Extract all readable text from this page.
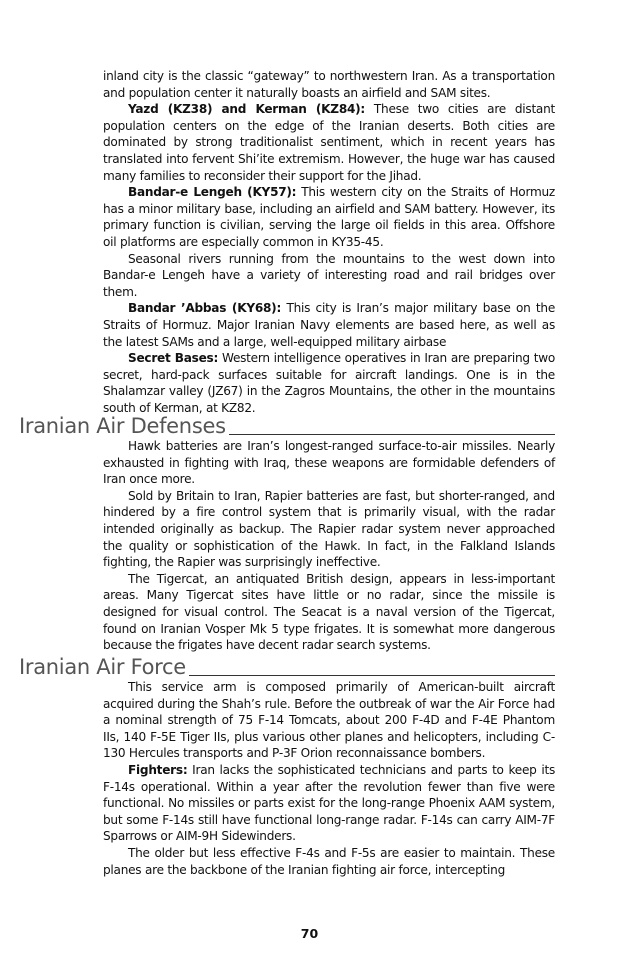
inland city is the classic “gateway” to northwestern Iran. As a transportation and population center it naturally boasts an airfield and SAM sites.

Yazd (KZ38) and Kerman (KZ84): These two cities are distant population centers on the edge of the Iranian deserts. Both cities are dominated by strong traditionalist sentiment, which in recent years has translated into fervent Shi’ite extremism. However, the huge war has caused many families to reconsider their support for the Jihad.

Bandar-e Lengeh (KY57): This western city on the Straits of Hormuz has a minor military base, including an airfield and SAM battery. However, its primary function is civilian, serving the large oil fields in this area. Offshore oil platforms are especially common in KY35-45.

Seasonal rivers running from the mountains to the west down into Bandar-e Lengeh have a variety of interesting road and rail bridges over them.

Bandar ’Abbas (KY68): This city is Iran’s major military base on the Straits of Hormuz. Major Iranian Navy elements are based here, as well as the latest SAMs and a large, well-equipped military airbase

Secret Bases: Western intelligence operatives in Iran are preparing two secret, hard-pack surfaces suitable for aircraft landings. One is in the Shalamzar valley (JZ67) in the Zagros Mountains, the other in the mountains south of Kerman, at KZ82.

Iranian Air Defenses

Hawk batteries are Iran’s longest-ranged surface-to-air missiles. Nearly exhausted in fighting with Iraq, these weapons are formidable defenders of Iran once more.

Sold by Britain to Iran, Rapier batteries are fast, but shorter-ranged, and hindered by a fire control system that is primarily visual, with the radar intended originally as backup. The Rapier radar system never approached the quality or sophistication of the Hawk. In fact, in the Falkland Islands fighting, the Rapier was surprisingly ineffective.

The Tigercat, an antiquated British design, appears in less-important areas. Many Tigercat sites have little or no radar, since the missile is designed for visual control. The Seacat is a naval version of the Tigercat, found on Iranian Vosper Mk 5 type frigates. It is somewhat more dangerous because the frigates have decent radar search systems.

Iranian Air Force

This service arm is composed primarily of American-built aircraft acquired during the Shah’s rule. Before the outbreak of war the Air Force had a nominal strength of 75 F-14 Tomcats, about 200 F-4D and F-4E Phantom IIs, 140 F-5E Tiger IIs, plus various other planes and helicopters, including C-130 Hercules transports and P-3F Orion reconnaissance bombers.

Fighters: Iran lacks the sophisticated technicians and parts to keep its F-14s operational. Within a year after the revolution fewer than five were functional. No missiles or parts exist for the long-range Phoenix AAM system, but some F-14s still have functional long-range radar. F-14s can carry AIM-7F Sparrows or AIM-9H Sidewinders.

The older but less effective F-4s and F-5s are easier to maintain. These planes are the backbone of the Iranian fighting air force, intercepting

70
